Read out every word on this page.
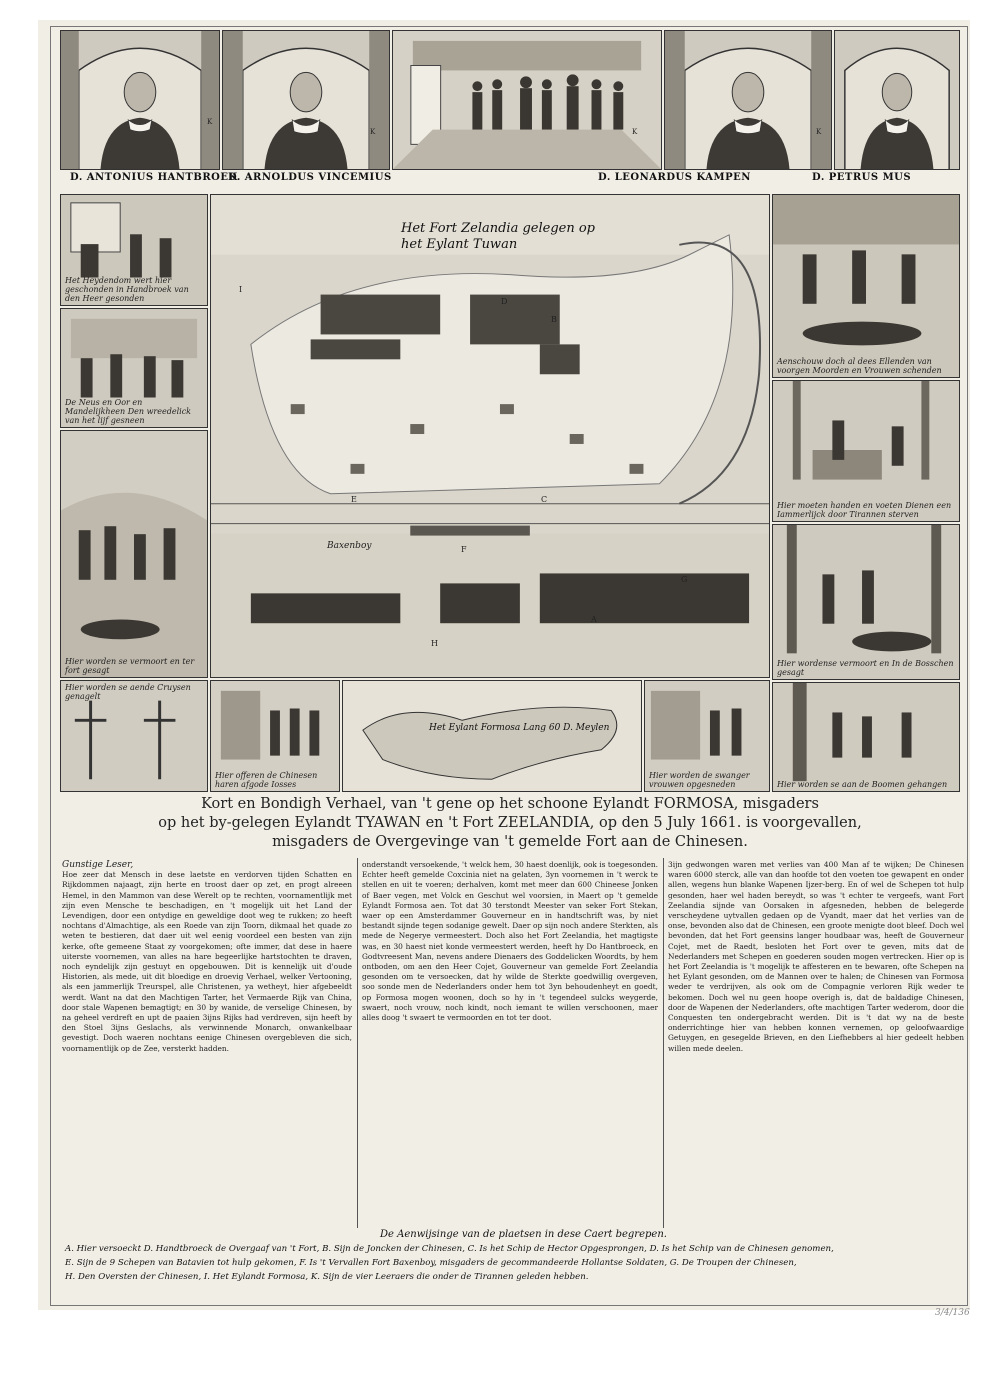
K
K	K	K
D. ANTONIUS HANTBROEK
D. ARNOLDUS VINCEMIUS	D. LEONARDUS KAMPEN	D. PETRUS MUS
Het Heydendom wert hier geschonden in Handbroek van den Heer gesonden
De Neus en Oor en Mandelijkheen Den wreedelick van het lijf gesneen
Hier worden se vermoort en ter fort gesagt
Hier worden se aende Cruysen genagelt
Hier offeren de Chinesen haren afgode Iosses
Aenschouw doch al dees Ellenden van voorgen Moorden en Vrouwen schenden
Hier moeten handen en voeten Dienen een Iammerlijck door Tirannen sterven
Hier wordense vermoort en In de Bosschen gesagt
Hier worden de swanger vrouwen opgesneden	Hier worden se aan de Boomen gehangen
Het Fort Zelandia gelegen op
het Eylant Tuwan
I
D
B
E	C
F
G
H
A
Baxenboy
Het Eylant Formosa Lang 60 D. Meylen
Kort en Bondigh Verhael, van 't gene op het schoone Eylandt FORMOSA, misgaders
op het by-gelegen Eylandt TYAWAN en 't Fort ZEELANDIA, op den 5 July 1661. is voorgevallen,
misgaders de Overgevinge van 't gemelde Fort aan de Chinesen.

Gunstige Leser,

Hoe zeer dat Mensch in dese laetste en verdorven tijden Schatten en Rijkdommen najaagt, zijn herte en troost daer op zet, en progt alreeen Hemel, in den Mammon van dese Werelt op te rechten, voornamentlijk met zijn even Mensche te beschadigen, en 't mogelijk uit het Land der Levendigen, door een ontydige en geweldige doot weg te rukken; zo heeft nochtans d'Almachtige, als een Roede van zijn Toorn, dikmaal het quade zo weten te bestieren, dat daer uit wel eenig voordeel een besten van zijn kerke, ofte gemeene Staat zy voorgekomen; ofte immer, dat dese in haere uiterste voornemen, van alles na hare begeerlijke hartstochten te draven, noch eyndelijk zijn gestuyt en opgebouwen. Dit is kennelijk uit d'oude Historien, als mede, uit dit bloedige en droevig Verhael, welker Vertooning, als een jammerlijk Treurspel, alle Christenen, ya wetheyt, hier afgebeeldt werdt. Want na dat den Machtigen Tarter, het Vermaerde Rijk van China, door stale Wapenen bemagtigt; en 30 by wanide, de verselige Chinesen, by na geheel verdreft en upt de paaien 3ijns Rijks had verdreven, sijn heeft by den Stoel 3ijns Geslachs, als verwinnende Monarch, onwankelbaar gevestigt. Doch waeren nochtans eenige Chinesen overgebleven die sich, voornamentlijk op de Zee, versterkt hadden.

onderstandt versoekende, 't welck hem, 30 haest doenlijk, ook is toegesonden. Echter heeft gemelde Coxcinia niet na gelaten, 3yn voornemen in 't werck te stellen en uit te voeren; derhalven, komt met meer dan 600 Chineese Jonken of Baer vegen, met Volck en Geschut wel voorsien, in Maert op 't gemelde Eylandt Formosa aen. Tot dat 30 terstondt Meester van seker Fort Stekan, waer op een Amsterdammer Gouverneur en in handtschrift was, by niet bestandt sijnde tegen sodanige gewelt. Daer op sijn noch andere Sterkten, als mede de Negerye vermeestert. Doch also het Fort Zeelandia, het magtigste was, en 30 haest niet konde vermeestert werden, heeft hy Do Hantbroeck, en Godtvreesent Man, nevens andere Dienaers des Goddelicken Woordts, by hem ontboden, om aen den Heer Cojet, Gouverneur van gemelde Fort Zeelandia gesonden om te versoecken, dat hy wilde de Sterkte goedwillig overgeven, soo sonde men de Nederlanders onder hem tot 3yn behoudenheyt en goedt, op Formosa mogen woonen, doch so hy in 't tegendeel sulcks weygerde, swaert, noch vrouw, noch kindt, noch iemant te willen verschoonen, maer alles doog 't swaert te vermoorden en tot ter doot.

3ijn gedwongen waren met verlies van 400 Man af te wijken; De Chinesen waren 6000 sterck, alle van dan hoofde tot den voeten toe gewapent en onder allen, wegens hun blanke Wapenen Ijzer-berg. En of wel de Schepen tot hulp gesonden, haer wel haden bereydt, so was 't echter te vergeefs, want Fort Zeelandia sijnde van Oorsaken in afgesneden, hebben de belegerde verscheydene uytvallen gedaen op de Vyandt, maer dat het verlies van de onse, bevonden also dat de Chinesen, een groote menigte doot bleef. Doch wel bevonden, dat het Fort geensins langer houdbaar was, heeft de Gouverneur Cojet, met de Raedt, besloten het Fort over te geven, mits dat de Nederlanders met Schepen en goederen souden mogen vertrecken. Hier op is het Fort Zeelandia is 't mogelijk te affesteren en te bewaren, ofte Schepen na het Eylant gesonden, om de Mannen over te halen; de Chinesen van Formosa weder te verdrijven, als ook om de Compagnie verloren Rijk weder te bekomen. Doch wel nu geen hoope overigh is, dat de baldadige Chinesen, door de Wapenen der Nederlanders, ofte machtigen Tarter wederom, door die Conquesten ten ondergebracht werden. Dit is 't dat wy na de beste onderrichtinge hier van hebben konnen vernemen, op geloofwaardige Getuygen, en gesegelde Brieven, en den Liefhebbers al hier gedeelt hebben willen mede deelen.

De Aenwijsinge van de plaetsen in dese Caert begrepen.
A. Hier versoeckt D. Handtbroeck de Overgaaf van 't Fort, B. Sijn de Joncken der Chinesen, C. Is het Schip de Hector Opgesprongen, D. Is het Schip van de Chinesen genomen,
E. Sijn de 9 Schepen van Batavien tot hulp gekomen, F. Is 't Vervallen Fort Baxenboy, misgaders de gecommandeerde Hollantse Soldaten, G. De Troupen der Chinesen,
H. Den Oversten der Chinesen, I. Het Eylandt Formosa, K. Sijn de vier Leeraers die onder de Tirannen geleden hebben.
3/4/136
